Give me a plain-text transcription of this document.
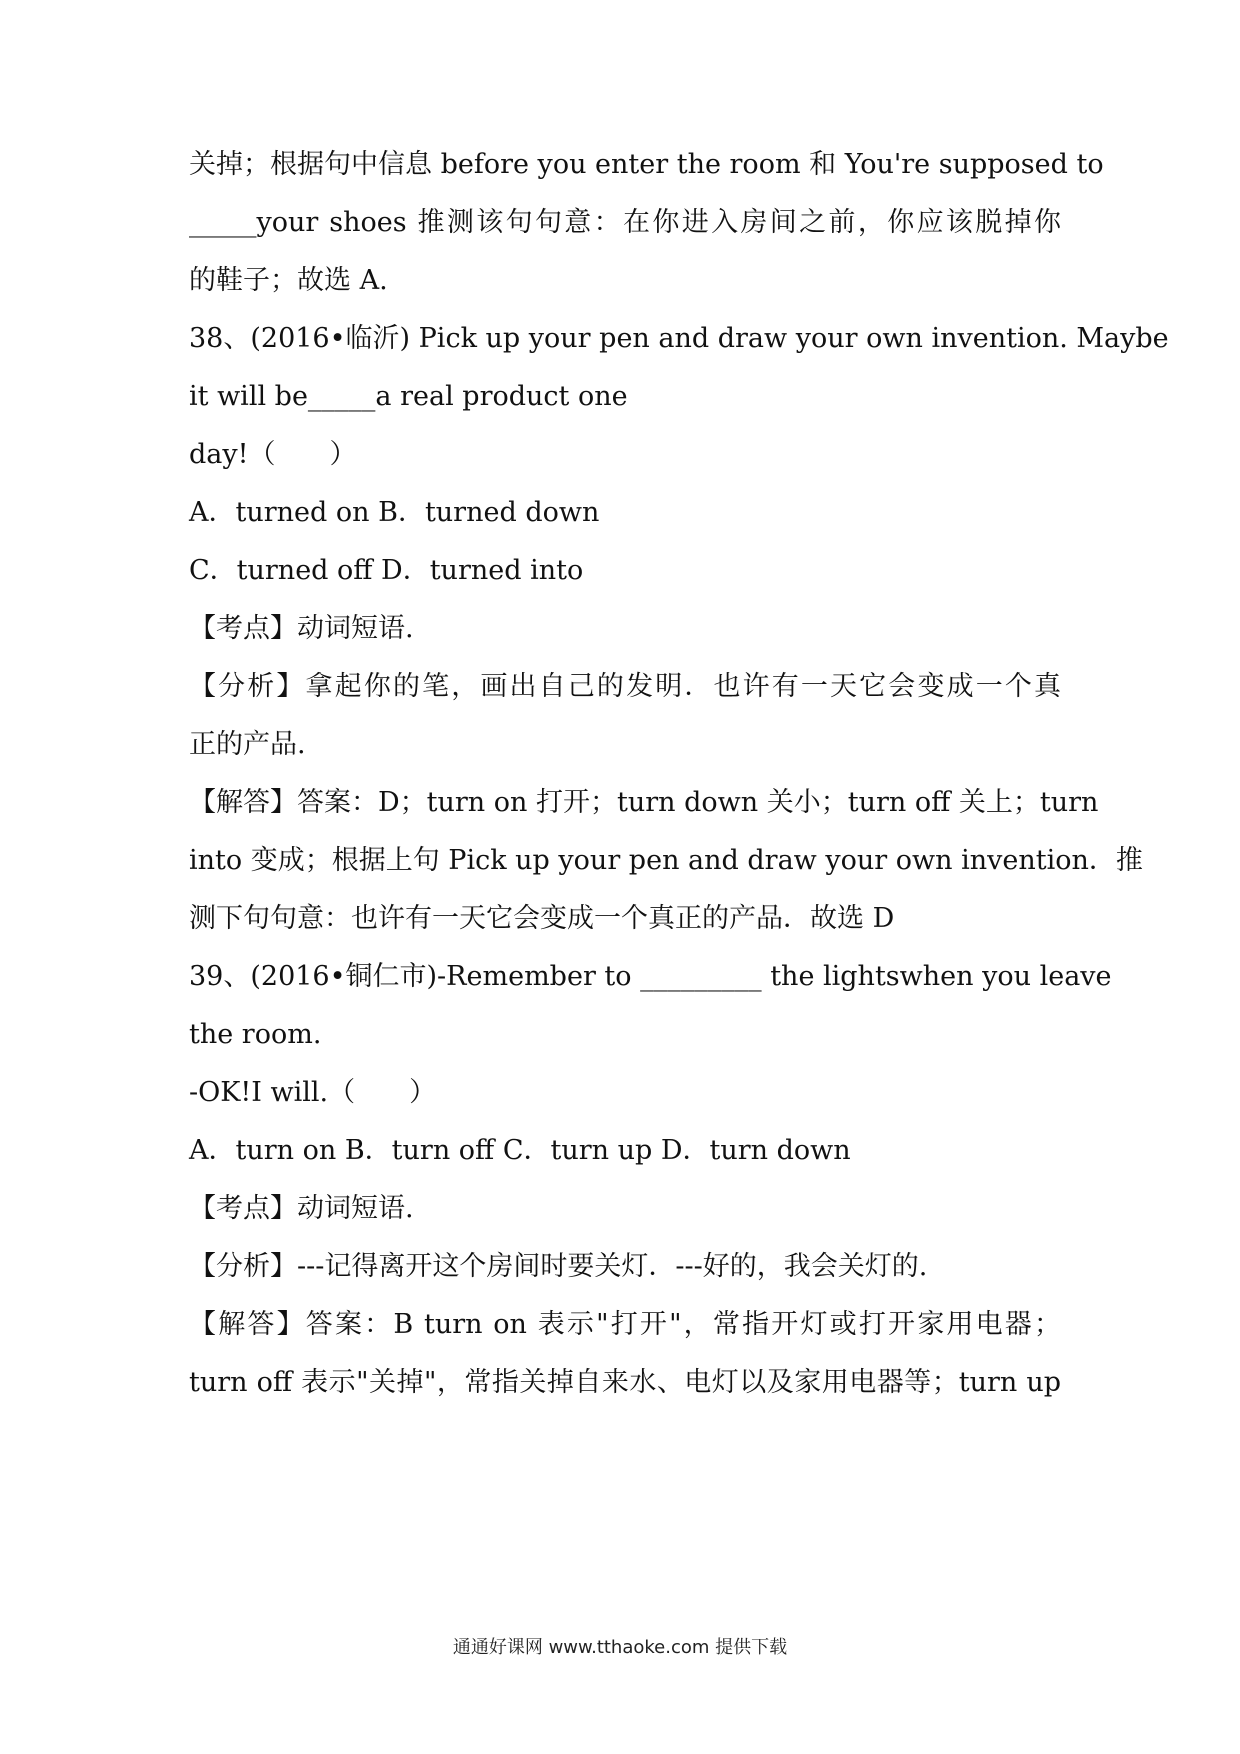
关掉；根据句中信息 before you enter the room 和 You're supposed to
_____your shoes 推测该句句意：在你进入房间之前，你应该脱掉你
的鞋子；故选 A.
38、(2016•临沂) Pick up your pen and draw your own invention. Maybe
it will be_____a real product one
day!（　　）
A．turned on B．turned down
C．turned off D．turned into
【考点】动词短语.
【分析】拿起你的笔，画出自己的发明．也许有一天它会变成一个真
正的产品.
【解答】答案：D；turn on 打开；turn down 关小；turn off 关上；turn
into 变成；根据上句 Pick up your pen and draw your own invention．推
测下句句意：也许有一天它会变成一个真正的产品．故选 D
39、(2016•铜仁市)-Remember to _________ the lightswhen you leave
the room.
-OK!I will.（　　）
A．turn on B．turn off C．turn up D．turn down
【考点】动词短语.
【分析】---记得离开这个房间时要关灯．---好的，我会关灯的.
【解答】答案：B turn on 表示"打开"，常指开灯或打开家用电器；
turn off 表示"关掉"，常指关掉自来水、电灯以及家用电器等；turn up
通通好课网 www.tthaoke.com 提供下载
